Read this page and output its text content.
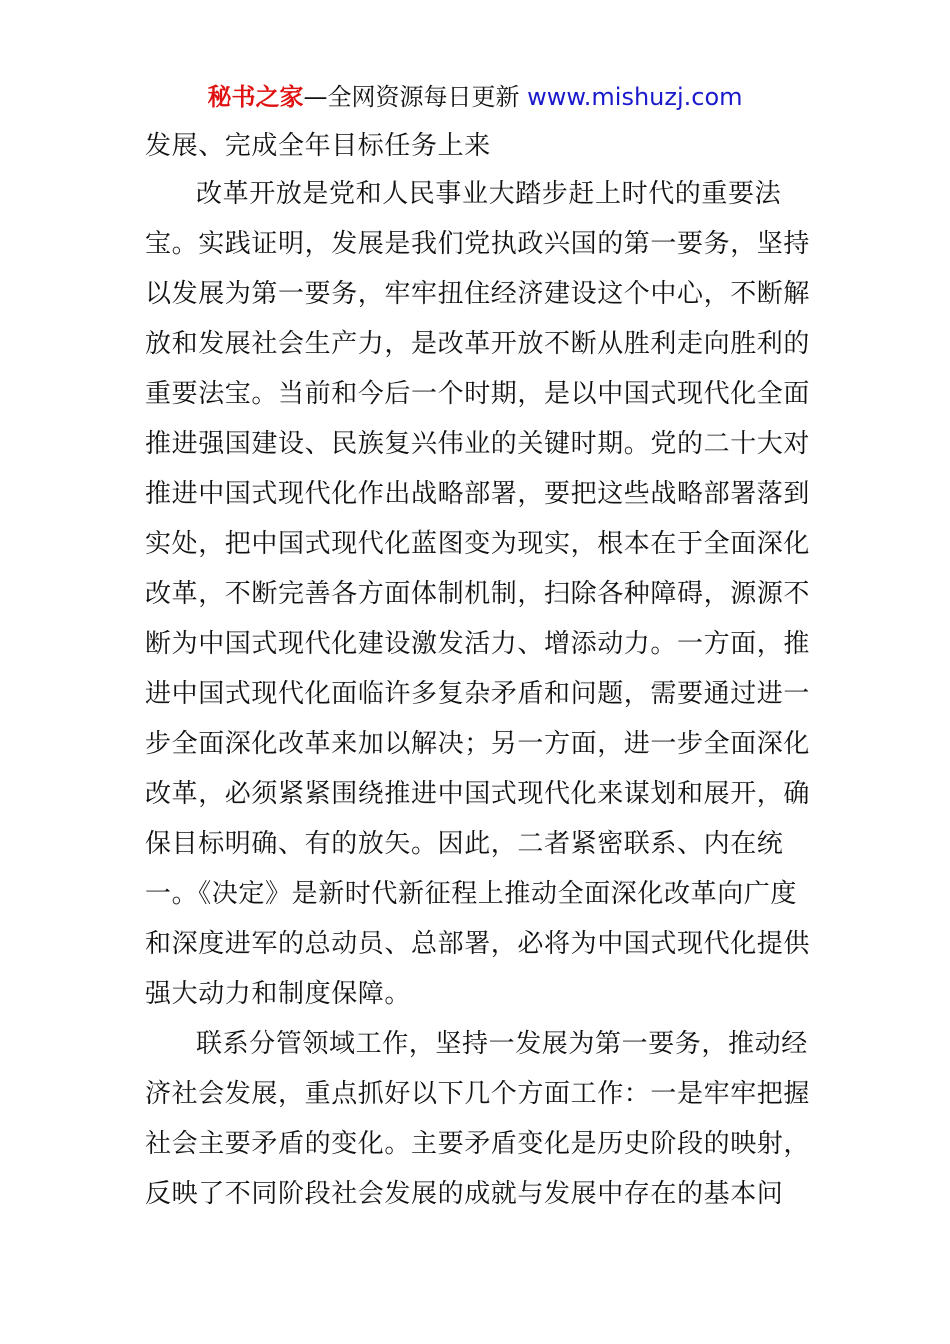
秘书之家—全网资源每日更新 www.mishuzj.com
发展、完成全年目标任务上来
改革开放是党和人民事业大踏步赶上时代的重要法
宝。实践证明，发展是我们党执政兴国的第一要务，坚持
以发展为第一要务，牢牢扭住经济建设这个中心，不断解
放和发展社会生产力，是改革开放不断从胜利走向胜利的
重要法宝。当前和今后一个时期，是以中国式现代化全面
推进强国建设、民族复兴伟业的关键时期。党的二十大对
推进中国式现代化作出战略部署，要把这些战略部署落到
实处，把中国式现代化蓝图变为现实，根本在于全面深化
改革，不断完善各方面体制机制，扫除各种障碍，源源不
断为中国式现代化建设激发活力、增添动力。一方面，推
进中国式现代化面临许多复杂矛盾和问题，需要通过进一
步全面深化改革来加以解决；另一方面，进一步全面深化
改革，必须紧紧围绕推进中国式现代化来谋划和展开，确
保目标明确、有的放矢。因此，二者紧密联系、内在统
一。《决定》是新时代新征程上推动全面深化改革向广度
和深度进军的总动员、总部署，必将为中国式现代化提供
强大动力和制度保障。
联系分管领域工作，坚持一发展为第一要务，推动经
济社会发展，重点抓好以下几个方面工作：一是牢牢把握
社会主要矛盾的变化。主要矛盾变化是历史阶段的映射，
反映了不同阶段社会发展的成就与发展中存在的基本问
